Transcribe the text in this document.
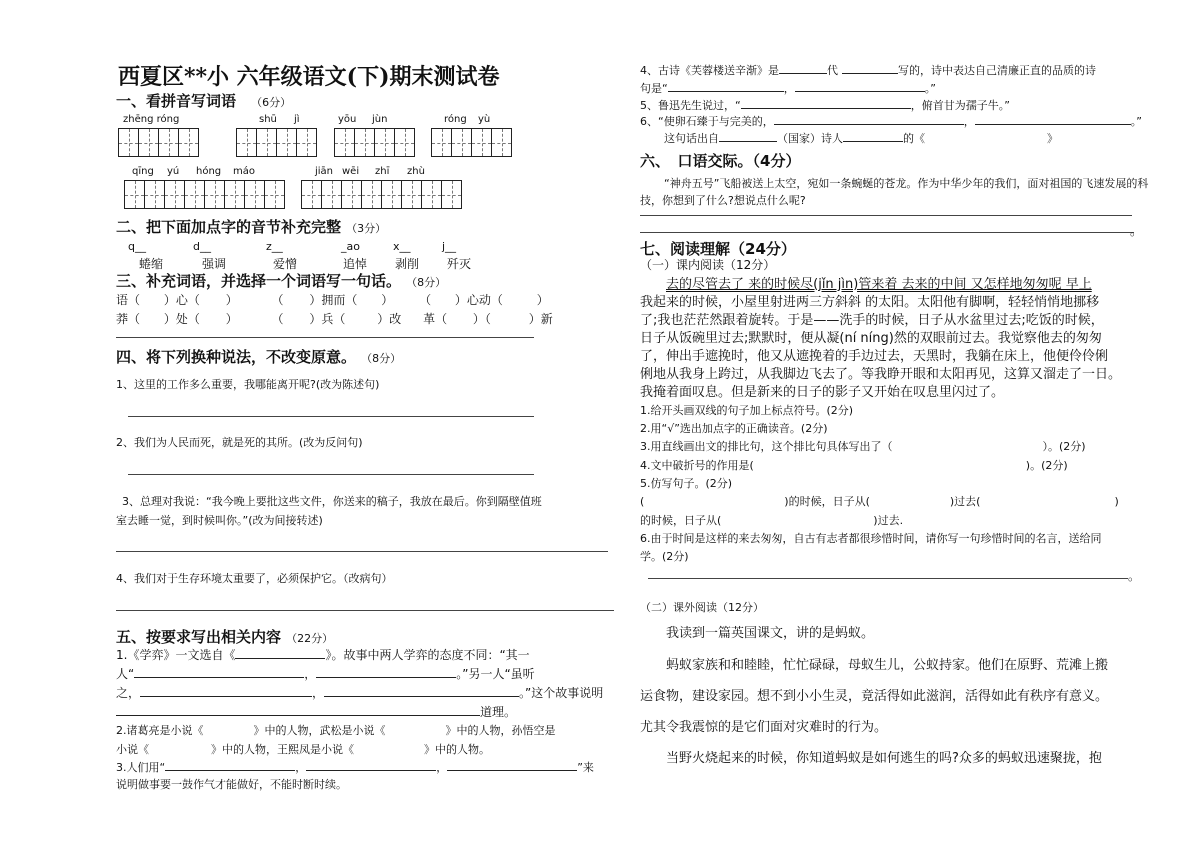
西夏区**小 六年级语文(下)期末测试卷
一、看拼音写词语 （6分）
zhēng róng	shū jì	yōu jùn	róng yù
qīng yú hóng máo	jiān wēi zhī zhù
二、把下面加点字的音节补充完整 （3分）
q__	d__	z__	_ao	x__	j__
蜷缩	强调	爱憎	追悼 剥削 歼灭
三、补充词语，并选择一个词语写一句话。 （8分）
语（ ）心（ ）	（ ）拥而（ ） （ ）心动（	）
莽（ ）处（ ）	（ ）兵（	）改 革（ ）（	）新
四、将下列换种说法，不改变原意。 （8分）
1、这里的工作多么重要，我哪能离开呢?(改为陈述句)
2、我们为人民而死，就是死的其所。(改为反问句)
3、总理对我说：“我今晚上要批这些文件，你送来的稿子，我放在最后。你到隔壁值班
室去睡一觉，到时候叫你。”(改为间接转述)
4、我们对于生存环境太重要了，必须保护它。（改病句）
五、按要求写出相关内容 （22分）
1.《学弈》一文选自《	》。故事中两人学弈的态度不同：“其一
人“	，	。”另一人“虽听
之，	，	。”这个故事说明
道理。
2.诸葛亮是小说《	》中的人物，武松是小说《	》中的人物，孙悟空是
小说《	》中的人物，王熙凤是小说《	》中的人物。
3.人们用“	，	，	”来
说明做事要一鼓作气才能做好，不能时断时续。
4、古诗《芙蓉楼送辛渐》是	代	写的，诗中表达自己清廉正直的品质的诗
句是“	，	。”
5、鲁迅先生说过，“	，俯首甘为孺子牛。”
6、“使卵石臻于与完美的，	，	。”
这句话出自	（国家）诗人	的《	》
六、　口语交际。（4分）
“神舟五号”飞船被送上太空，宛如一条蜿蜒的苍龙。作为中华少年的我们，面对祖国的飞速发展的科
技，你想到了什么?想说点什么呢?
。
七、阅读理解（24分）
（一）课内阅读（12分）
去的尽管去了 来的时候尽(jǐn jìn)管来着 去来的中间 又怎样地匆匆呢 早上
我起来的时候，小屋里射进两三方斜斜 的太阳。太阳他有脚啊，轻轻悄悄地挪移
了;我也茫茫然跟着旋转。于是——洗手的时候，日子从水盆里过去;吃饭的时候，
日子从饭碗里过去;默默时，便从凝(ní níng)然的双眼前过去。我觉察他去的匆匆
了，伸出手遮挽时，他又从遮挽着的手边过去，天黑时，我躺在床上，他便伶伶俐
俐地从我身上跨过，从我脚边飞去了。等我睁开眼和太阳再见，这算又溜走了一日。
我掩着面叹息。但是新来的日子的影子又开始在叹息里闪过了。
1.给开头画双线的句子加上标点符号。(2分)
2.用“√”选出加点字的正确读音。(2分)
3.用直线画出文的排比句，这个排比句具体写出了（	）。(2分)
4.文中破折号的作用是(	)。(2分)
5.仿写句子。(2分)
(	)的时候，日子从(	)过去(	)
的时候，日子从(	)过去.
6.由于时间是这样的来去匆匆，自古有志者都很珍惜时间，请你写一句珍惜时间的名言，送给同
学。(2分)
。
（二）课外阅读（12分）
我读到一篇英国课文，讲的是蚂蚁。
蚂蚁家族和和睦睦，忙忙碌碌，母蚁生儿，公蚁持家。他们在原野、荒滩上搬
运食物，建设家园。想不到小小生灵，竟活得如此滋润，活得如此有秩序有意义。
尤其令我震惊的是它们面对灾难时的行为。
当野火烧起来的时候，你知道蚂蚁是如何逃生的吗?众多的蚂蚁迅速聚拢，抱
